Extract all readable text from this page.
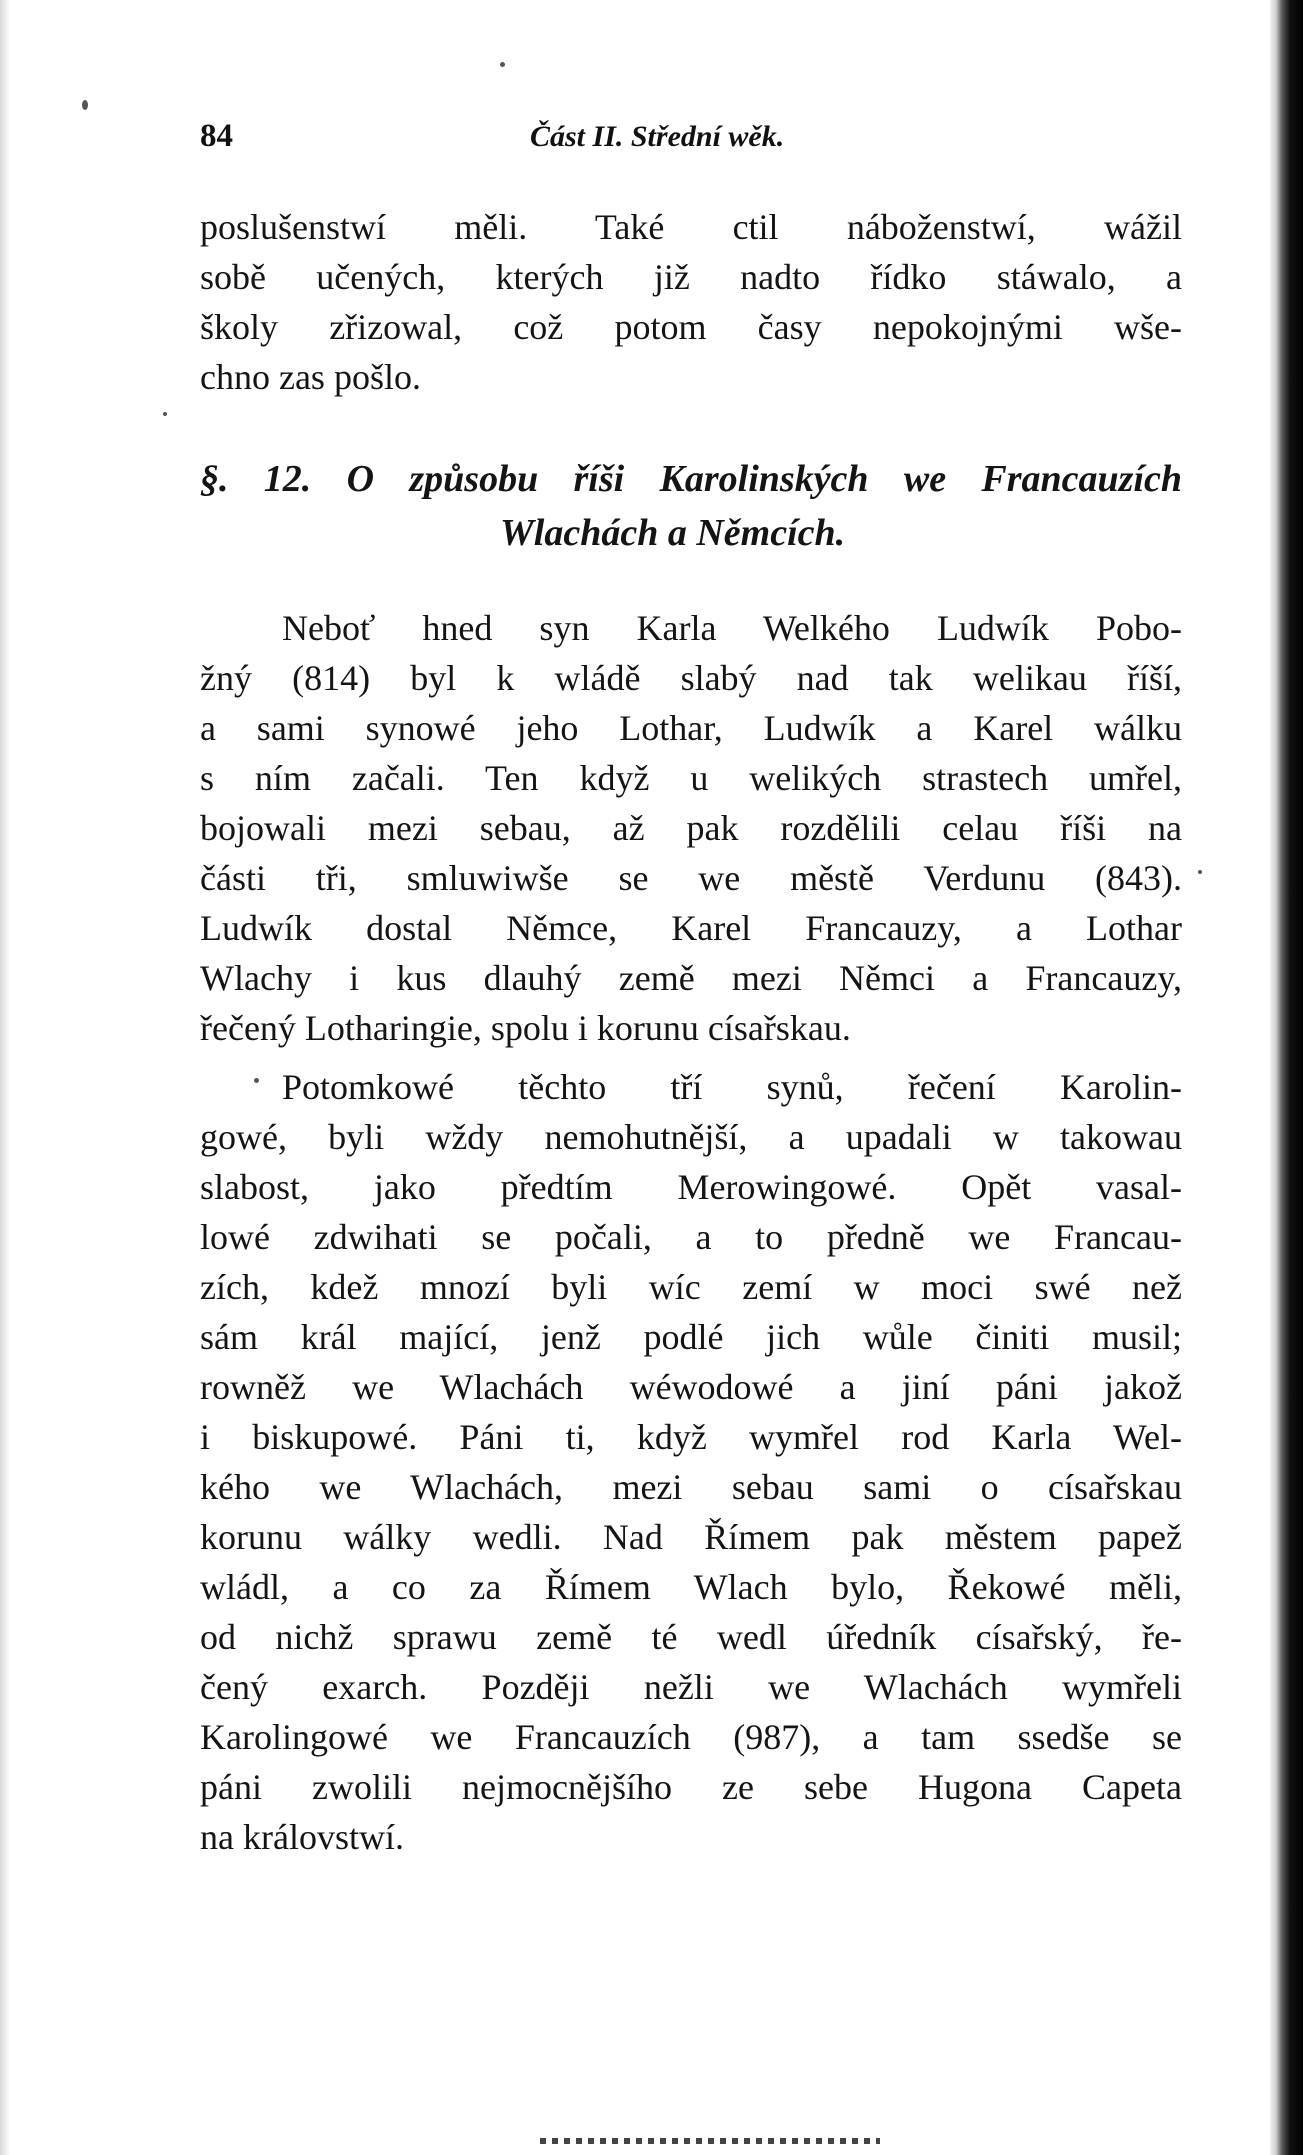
84	Část II. Střední wěk.
poslušenstwí měli. Také ctil náboženstwí, wážil
sobě učených, kterých již nadto řídko stáwalo, a
školy zřizowal, což potom časy nepokojnými wše-
chno zas pošlo.
§. 12. O způsobu říši Karolinských we Francauzích
Wlachách a Němcích.
Neboť hned syn Karla Welkého Ludwík Pobo-
žný (814) byl k wládě slabý nad tak welikau říší,
a sami synowé jeho Lothar, Ludwík a Karel wálku
s ním začali. Ten když u welikých strastech umřel,
bojowali mezi sebau, až pak rozdělili celau říši na
části tři, smluwiwše se we městě Verdunu (843).
Ludwík dostal Němce, Karel Francauzy, a Lothar
Wlachy i kus dlauhý země mezi Němci a Francauzy,
řečený Lotharingie, spolu i korunu císařskau.
Potomkowé těchto tří synů, řečení Karolin-
gowé, byli wždy nemohutnější, a upadali w takowau
slabost, jako předtím Merowingowé. Opět vasal-
lowé zdwihati se počali, a to předně we Francau-
zích, kdež mnozí byli wíc zemí w moci swé než
sám král mající, jenž podlé jich wůle činiti musil;
rowněž we Wlachách wéwodowé a jiní páni jakož
i biskupowé. Páni ti, když wymřel rod Karla Wel-
kého we Wlachách, mezi sebau sami o císařskau
korunu wálky wedli. Nad Římem pak městem papež
wládl, a co za Římem Wlach bylo, Řekowé měli,
od nichž sprawu země té wedl úředník císařský, ře-
čený exarch. Později nežli we Wlachách wymřeli
Karolingowé we Francauzích (987), a tam ssedše se
páni zwolili nejmocnějšího ze sebe Hugona Capeta
na královstwí.
